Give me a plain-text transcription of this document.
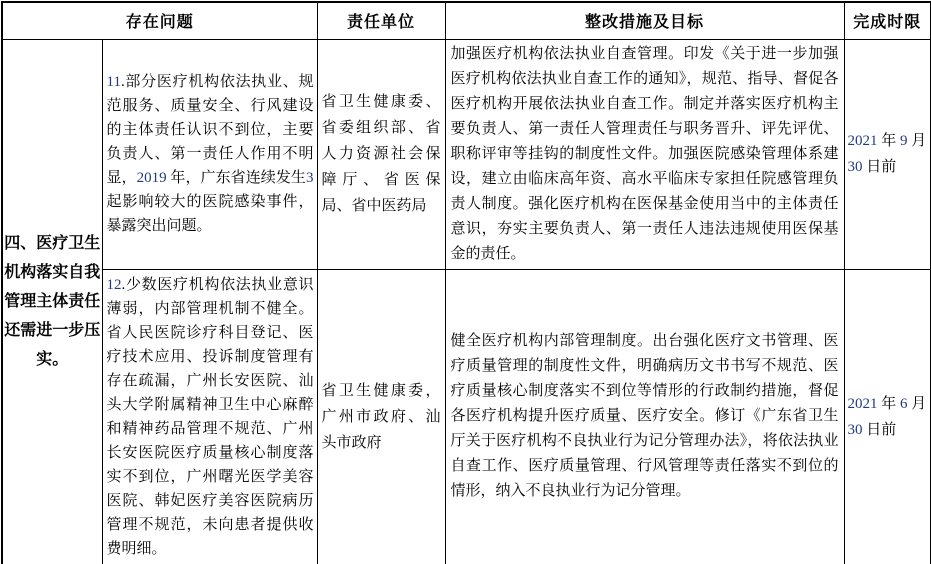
存在问题		责任单位	整改措施及目标	完成时限
四、医疗卫生机构落实自我管理主体责任还需进一步压实。	11.部分医疗机构依法执业、规范服务、质量安全、行风建设的主体责任认识不到位，主要负责人、第一责任人作用不明显，2019 年，广东省连续发生3 起影响较大的医院感染事件，暴露突出问题。	省卫生健康委、省委组织部、省人力资源社会保障厅、省医保局、省中医药局	加强医疗机构依法执业自查管理。印发《关于进一步加强医疗机构依法执业自查工作的通知》，规范、指导、督促各医疗机构开展依法执业自查工作。制定并落实医疗机构主要负责人、第一责任人管理责任与职务晋升、评先评优、职称评审等挂钩的制度性文件。加强医院感染管理体系建设，建立由临床高年资、高水平临床专家担任院感管理负责人制度。强化医疗机构在医保基金使用当中的主体责任意识，夯实主要负责人、第一责任人违法违规使用医保基金的责任。	2021 年 9 月 30 日前
	12.少数医疗机构依法执业意识薄弱，内部管理机制不健全。省人民医院诊疗科目登记、医疗技术应用、投诉制度管理有存在疏漏，广州长安医院、汕头大学附属精神卫生中心麻醉和精神药品管理不规范、广州长安医院医疗质量核心制度落实不到位，广州曙光医学美容医院、韩妃医疗美容医院病历管理不规范，未向患者提供收费明细。	省卫生健康委，广州市政府、汕头市政府	健全医疗机构内部管理制度。出台强化医疗文书管理、医疗质量管理的制度性文件，明确病历文书书写不规范、医疗质量核心制度落实不到位等情形的行政制约措施，督促各医疗机构提升医疗质量、医疗安全。修订《广东省卫生厅关于医疗机构不良执业行为记分管理办法》，将依法执业自查工作、医疗质量管理、行风管理等责任落实不到位的情形，纳入不良执业行为记分管理。	2021 年 6 月 30 日前
